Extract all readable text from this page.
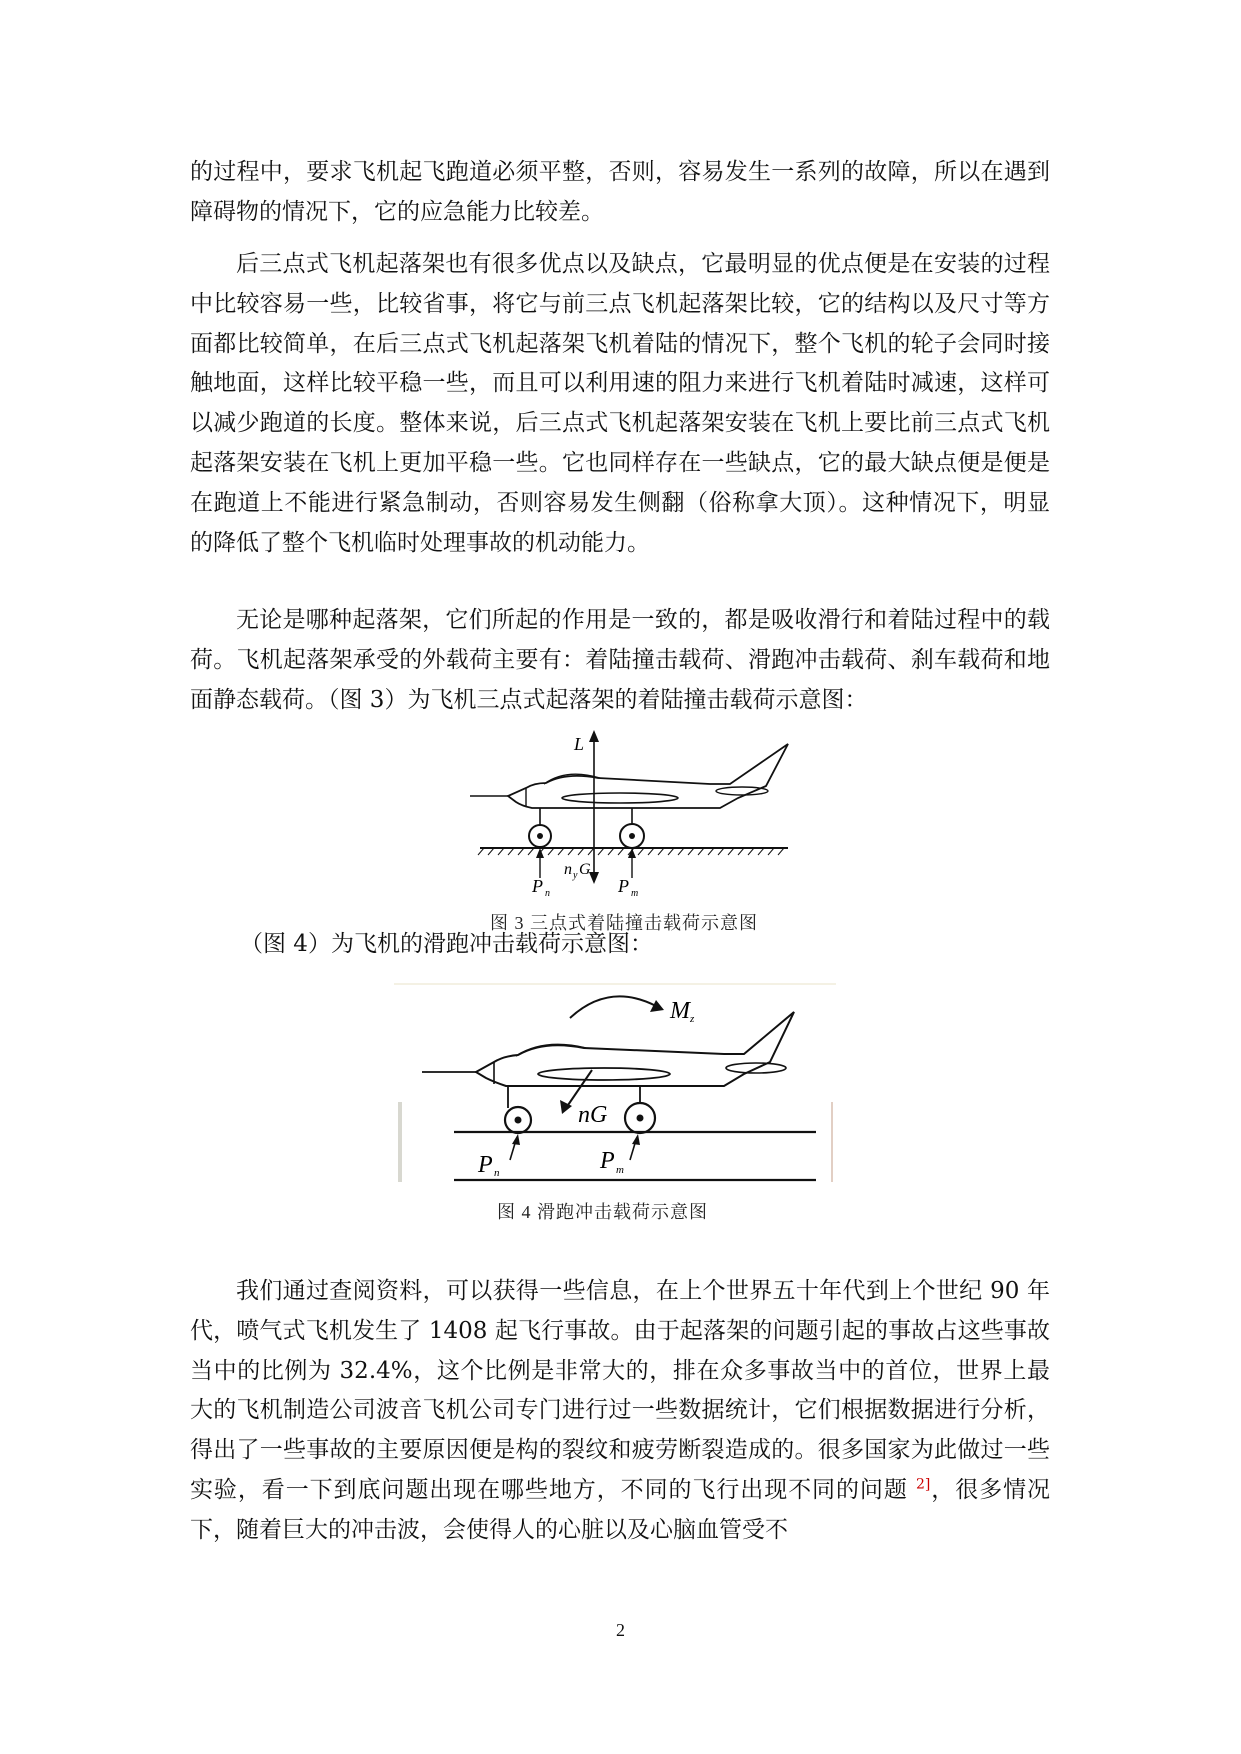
的过程中，要求飞机起飞跑道必须平整，否则，容易发生一系列的故障，所以在遇到障碍物的情况下，它的应急能力比较差。

后三点式飞机起落架也有很多优点以及缺点，它最明显的优点便是在安装的过程中比较容易一些，比较省事，将它与前三点飞机起落架比较，它的结构以及尺寸等方面都比较简单，在后三点式飞机起落架飞机着陆的情况下，整个飞机的轮子会同时接触地面，这样比较平稳一些，而且可以利用速的阻力来进行飞机着陆时减速，这样可以减少跑道的长度。整体来说，后三点式飞机起落架安装在飞机上要比前三点式飞机起落架安装在飞机上更加平稳一些。它也同样存在一些缺点，它的最大缺点便是便是在跑道上不能进行紧急制动，否则容易发生侧翻（俗称拿大顶）。这种情况下，明显的降低了整个飞机临时处理事故的机动能力。

无论是哪种起落架，它们所起的作用是一致的，都是吸收滑行和着陆过程中的载荷。飞机起落架承受的外载荷主要有：着陆撞击载荷、滑跑冲击载荷、刹车载荷和地面静态载荷。（图 3）为飞机三点式起落架的着陆撞击载荷示意图：

L
n y G
P n	P m
图 3 三点式着陆撞击载荷示意图
（图 4）为飞机的滑跑冲击载荷示意图：
M z
nG
P n	P m
图 4 滑跑冲击载荷示意图

我们通过查阅资料，可以获得一些信息，在上个世界五十年代到上个世纪 90 年代，喷气式飞机发生了 1408 起飞行事故。由于起落架的问题引起的事故占这些事故当中的比例为 32.4%，这个比例是非常大的，排在众多事故当中的首位，世界上最大的飞机制造公司波音飞机公司专门进行过一些数据统计，它们根据数据进行分析，得出了一些事故的主要原因便是构的裂纹和疲劳断裂造成的。很多国家为此做过一些实验，看一下到底问题出现在哪些地方，不同的飞行出现不同的问题 $^{2]}$，很多情况下，随着巨大的冲击波，会使得人的心脏以及心脑血管受不

2
